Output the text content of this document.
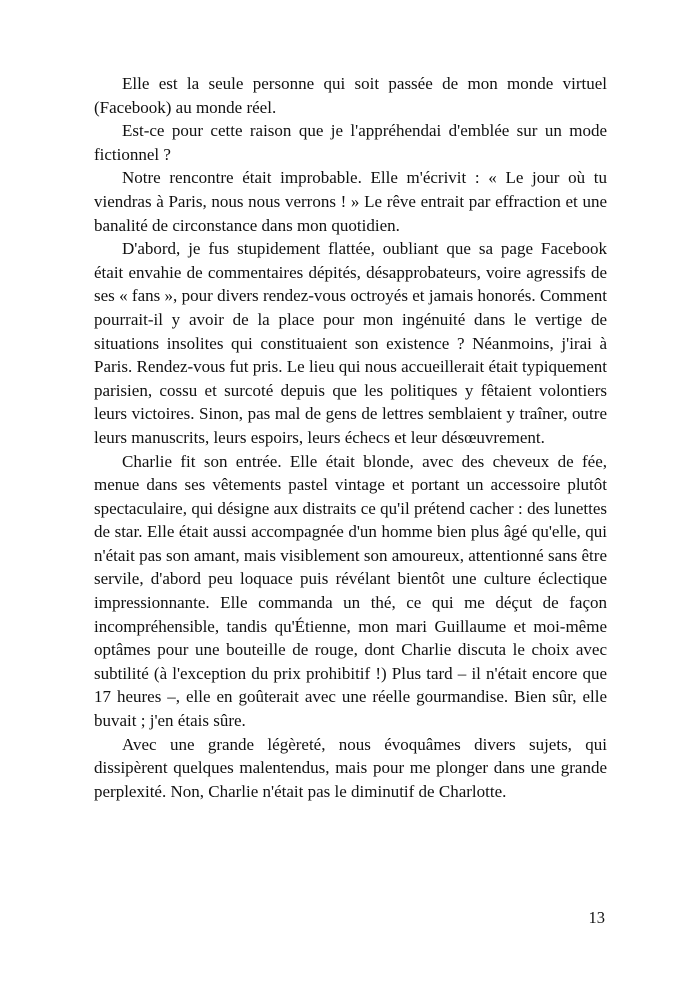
Elle est la seule personne qui soit passée de mon monde virtuel (Facebook) au monde réel.

Est-ce pour cette raison que je l'appréhendai d'emblée sur un mode fictionnel ?

Notre rencontre était improbable. Elle m'écrivit : « Le jour où tu viendras à Paris, nous nous verrons ! » Le rêve entrait par effraction et une banalité de circonstance dans mon quotidien.

D'abord, je fus stupidement flattée, oubliant que sa page Facebook était envahie de commentaires dépités, désapprobateurs, voire agressifs de ses « fans », pour divers rendez-vous octroyés et jamais honorés. Comment pourrait-il y avoir de la place pour mon ingénuité dans le vertige de situations insolites qui constituaient son existence ? Néanmoins, j'irai à Paris. Rendez-vous fut pris. Le lieu qui nous accueillerait était typiquement parisien, cossu et surcoté depuis que les politiques y fêtaient volontiers leurs victoires. Sinon, pas mal de gens de lettres semblaient y traîner, outre leurs manuscrits, leurs espoirs, leurs échecs et leur désœuvrement.

Charlie fit son entrée. Elle était blonde, avec des cheveux de fée, menue dans ses vêtements pastel vintage et portant un accessoire plutôt spectaculaire, qui désigne aux distraits ce qu'il prétend cacher : des lunettes de star. Elle était aussi accompagnée d'un homme bien plus âgé qu'elle, qui n'était pas son amant, mais visiblement son amoureux, attentionné sans être servile, d'abord peu loquace puis révélant bientôt une culture éclectique impressionnante. Elle commanda un thé, ce qui me déçut de façon incompréhensible, tandis qu'Étienne, mon mari Guillaume et moi-même optâmes pour une bouteille de rouge, dont Charlie discuta le choix avec subtilité (à l'exception du prix prohibitif !) Plus tard – il n'était encore que 17 heures –, elle en goûterait avec une réelle gourmandise. Bien sûr, elle buvait ; j'en étais sûre.

Avec une grande légèreté, nous évoquâmes divers sujets, qui dissipèrent quelques malentendus, mais pour me plonger dans une grande perplexité. Non, Charlie n'était pas le diminutif de Charlotte.

13
